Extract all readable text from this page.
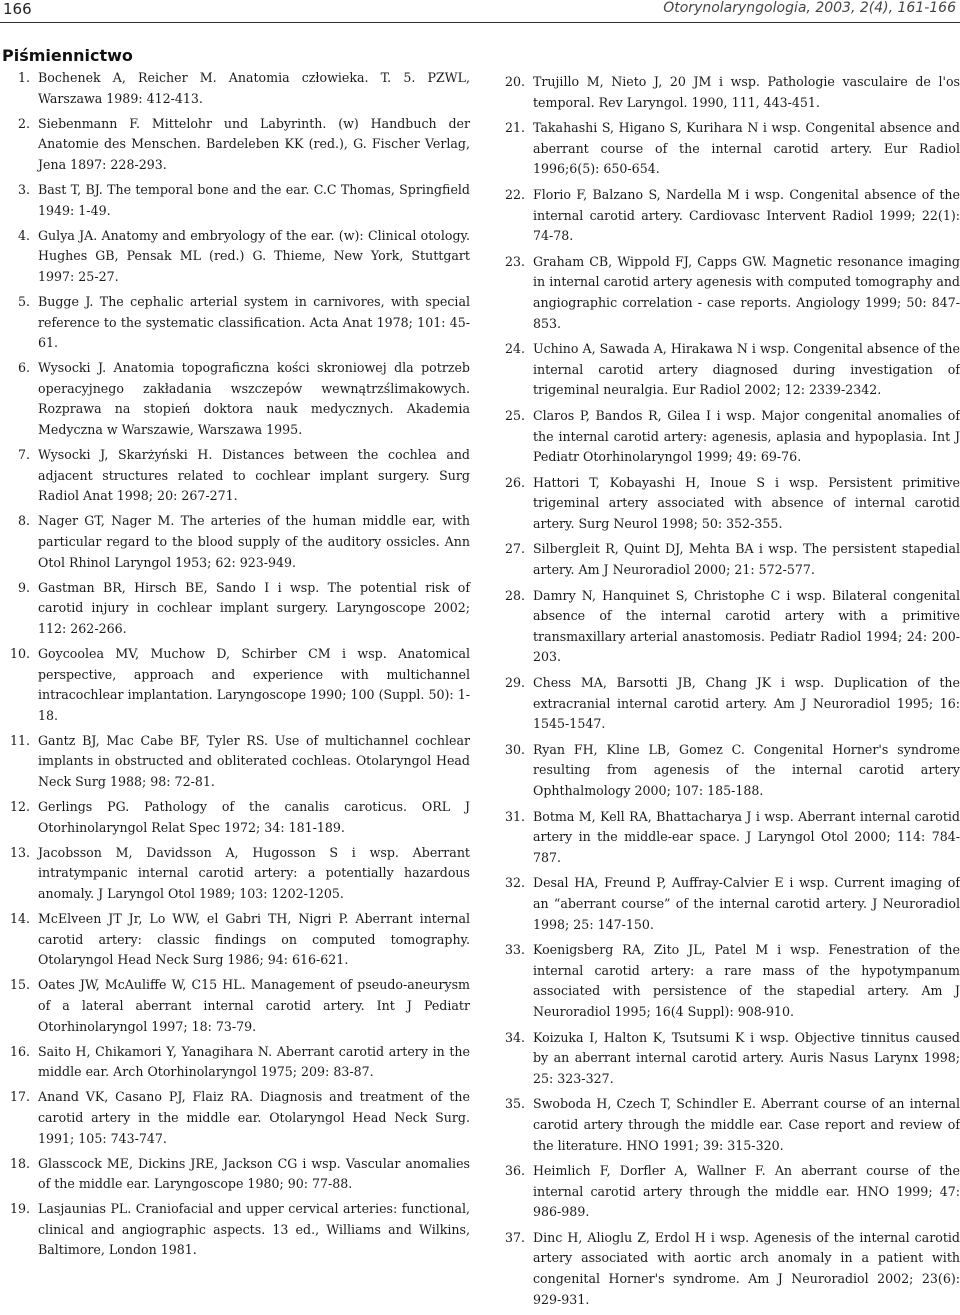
166	Otorynolaryngologia, 2003, 2(4), 161-166
Piśmiennictwo
1. Bochenek A, Reicher M. Anatomia człowieka. T. 5. PZWL, Warszawa 1989: 412-413.
2. Siebenmann F. Mittelohr und Labyrinth. (w) Handbuch der Anatomie des Menschen. Bardeleben KK (red.), G. Fischer Verlag, Jena 1897: 228-293.
3. Bast T, BJ. The temporal bone and the ear. C.C Thomas, Springfield 1949: 1-49.
4. Gulya JA. Anatomy and embryology of the ear. (w): Clinical otology. Hughes GB, Pensak ML (red.) G. Thieme, New York, Stuttgart 1997: 25-27.
5. Bugge J. The cephalic arterial system in carnivores, with special reference to the systematic classification. Acta Anat 1978; 101: 45-61.
6. Wysocki J. Anatomia topograficzna kości skroniowej dla potrzeb operacyjnego zakładania wszczepów wewnątrzślimakowych. Rozprawa na stopień doktora nauk medycznych. Akademia Medyczna w Warszawie, Warszawa 1995.
7. Wysocki J, Skarżyński H. Distances between the cochlea and adjacent structures related to cochlear implant surgery. Surg Radiol Anat 1998; 20: 267-271.
8. Nager GT, Nager M. The arteries of the human middle ear, with particular regard to the blood supply of the auditory ossicles. Ann Otol Rhinol Laryngol 1953; 62: 923-949.
9. Gastman BR, Hirsch BE, Sando I i wsp. The potential risk of carotid injury in cochlear implant surgery. Laryngoscope 2002; 112: 262-266.
10. Goycoolea MV, Muchow D, Schirber CM i wsp. Anatomical perspective, approach and experience with multichannel intracochlear implantation. Laryngoscope 1990; 100 (Suppl. 50): 1-18.
11. Gantz BJ, Mac Cabe BF, Tyler RS. Use of multichannel cochlear implants in obstructed and obliterated cochleas. Otolaryngol Head Neck Surg 1988; 98: 72-81.
12. Gerlings PG. Pathology of the canalis caroticus. ORL J Otorhinolaryngol Relat Spec 1972; 34: 181-189.
13. Jacobsson M, Davidsson A, Hugosson S i wsp. Aberrant intratympanic internal carotid artery: a potentially hazardous anomaly. J Laryngol Otol 1989; 103: 1202-1205.
14. McElveen JT Jr, Lo WW, el Gabri TH, Nigri P. Aberrant internal carotid artery: classic findings on computed tomography. Otolaryngol Head Neck Surg 1986; 94: 616-621.
15. Oates JW, McAuliffe W, C15 HL. Management of pseudo-aneurysm of a lateral aberrant internal carotid artery. Int J Pediatr Otorhinolaryngol 1997; 18: 73-79.
16. Saito H, Chikamori Y, Yanagihara N. Aberrant carotid artery in the middle ear. Arch Otorhinolaryngol 1975; 209: 83-87.
17. Anand VK, Casano PJ, Flaiz RA. Diagnosis and treatment of the carotid artery in the middle ear. Otolaryngol Head Neck Surg. 1991; 105: 743-747.
18. Glasscock ME, Dickins JRE, Jackson CG i wsp. Vascular anomalies of the middle ear. Laryngoscope 1980; 90: 77-88.
19. Lasjaunias PL. Craniofacial and upper cervical arteries: functional, clinical and angiographic aspects. 13 ed., Williams and Wilkins, Baltimore, London 1981.
20. Trujillo M, Nieto J, 20 JM i wsp. Pathologie vasculaire de l'os temporal. Rev Laryngol. 1990, 111, 443-451.
21. Takahashi S, Higano S, Kurihara N i wsp. Congenital absence and aberrant course of the internal carotid artery. Eur Radiol 1996;6(5): 650-654.
22. Florio F, Balzano S, Nardella M i wsp. Congenital absence of the internal carotid artery. Cardiovasc Intervent Radiol 1999; 22(1): 74-78.
23. Graham CB, Wippold FJ, Capps GW. Magnetic resonance imaging in internal carotid artery agenesis with computed tomography and angiographic correlation - case reports. Angiology 1999; 50: 847-853.
24. Uchino A, Sawada A, Hirakawa N i wsp. Congenital absence of the internal carotid artery diagnosed during investigation of trigeminal neuralgia. Eur Radiol 2002; 12: 2339-2342.
25. Claros P, Bandos R, Gilea I i wsp. Major congenital anomalies of the internal carotid artery: agenesis, aplasia and hypoplasia. Int J Pediatr Otorhinolaryngol 1999; 49: 69-76.
26. Hattori T, Kobayashi H, Inoue S i wsp. Persistent primitive trigeminal artery associated with absence of internal carotid artery. Surg Neurol 1998; 50: 352-355.
27. Silbergleit R, Quint DJ, Mehta BA i wsp. The persistent stapedial artery. Am J Neuroradiol 2000; 21: 572-577.
28. Damry N, Hanquinet S, Christophe C i wsp. Bilateral congenital absence of the internal carotid artery with a primitive transmaxillary arterial anastomosis. Pediatr Radiol 1994; 24: 200-203.
29. Chess MA, Barsotti JB, Chang JK i wsp. Duplication of the extracranial internal carotid artery. Am J Neuroradiol 1995; 16: 1545-1547.
30. Ryan FH, Kline LB, Gomez C. Congenital Horner's syndrome resulting from agenesis of the internal carotid artery Ophthalmology 2000; 107: 185-188.
31. Botma M, Kell RA, Bhattacharya J i wsp. Aberrant internal carotid artery in the middle-ear space. J Laryngol Otol 2000; 114: 784-787.
32. Desal HA, Freund P, Auffray-Calvier E i wsp. Current imaging of an “aberrant course” of the internal carotid artery. J Neuroradiol 1998; 25: 147-150.
33. Koenigsberg RA, Zito JL, Patel M i wsp. Fenestration of the internal carotid artery: a rare mass of the hypotympanum associated with persistence of the stapedial artery. Am J Neuroradiol 1995; 16(4 Suppl): 908-910.
34. Koizuka I, Halton K, Tsutsumi K i wsp. Objective tinnitus caused by an aberrant internal carotid artery. Auris Nasus Larynx 1998; 25: 323-327.
35. Swoboda H, Czech T, Schindler E. Aberrant course of an internal carotid artery through the middle ear. Case report and review of the literature. HNO 1991; 39: 315-320.
36. Heimlich F, Dorfler A, Wallner F. An aberrant course of the internal carotid artery through the middle ear. HNO 1999; 47: 986-989.
37. Dinc H, Alioglu Z, Erdol H i wsp. Agenesis of the internal carotid artery associated with aortic arch anomaly in a patient with congenital Horner's syndrome. Am J Neuroradiol 2002; 23(6): 929-931.
